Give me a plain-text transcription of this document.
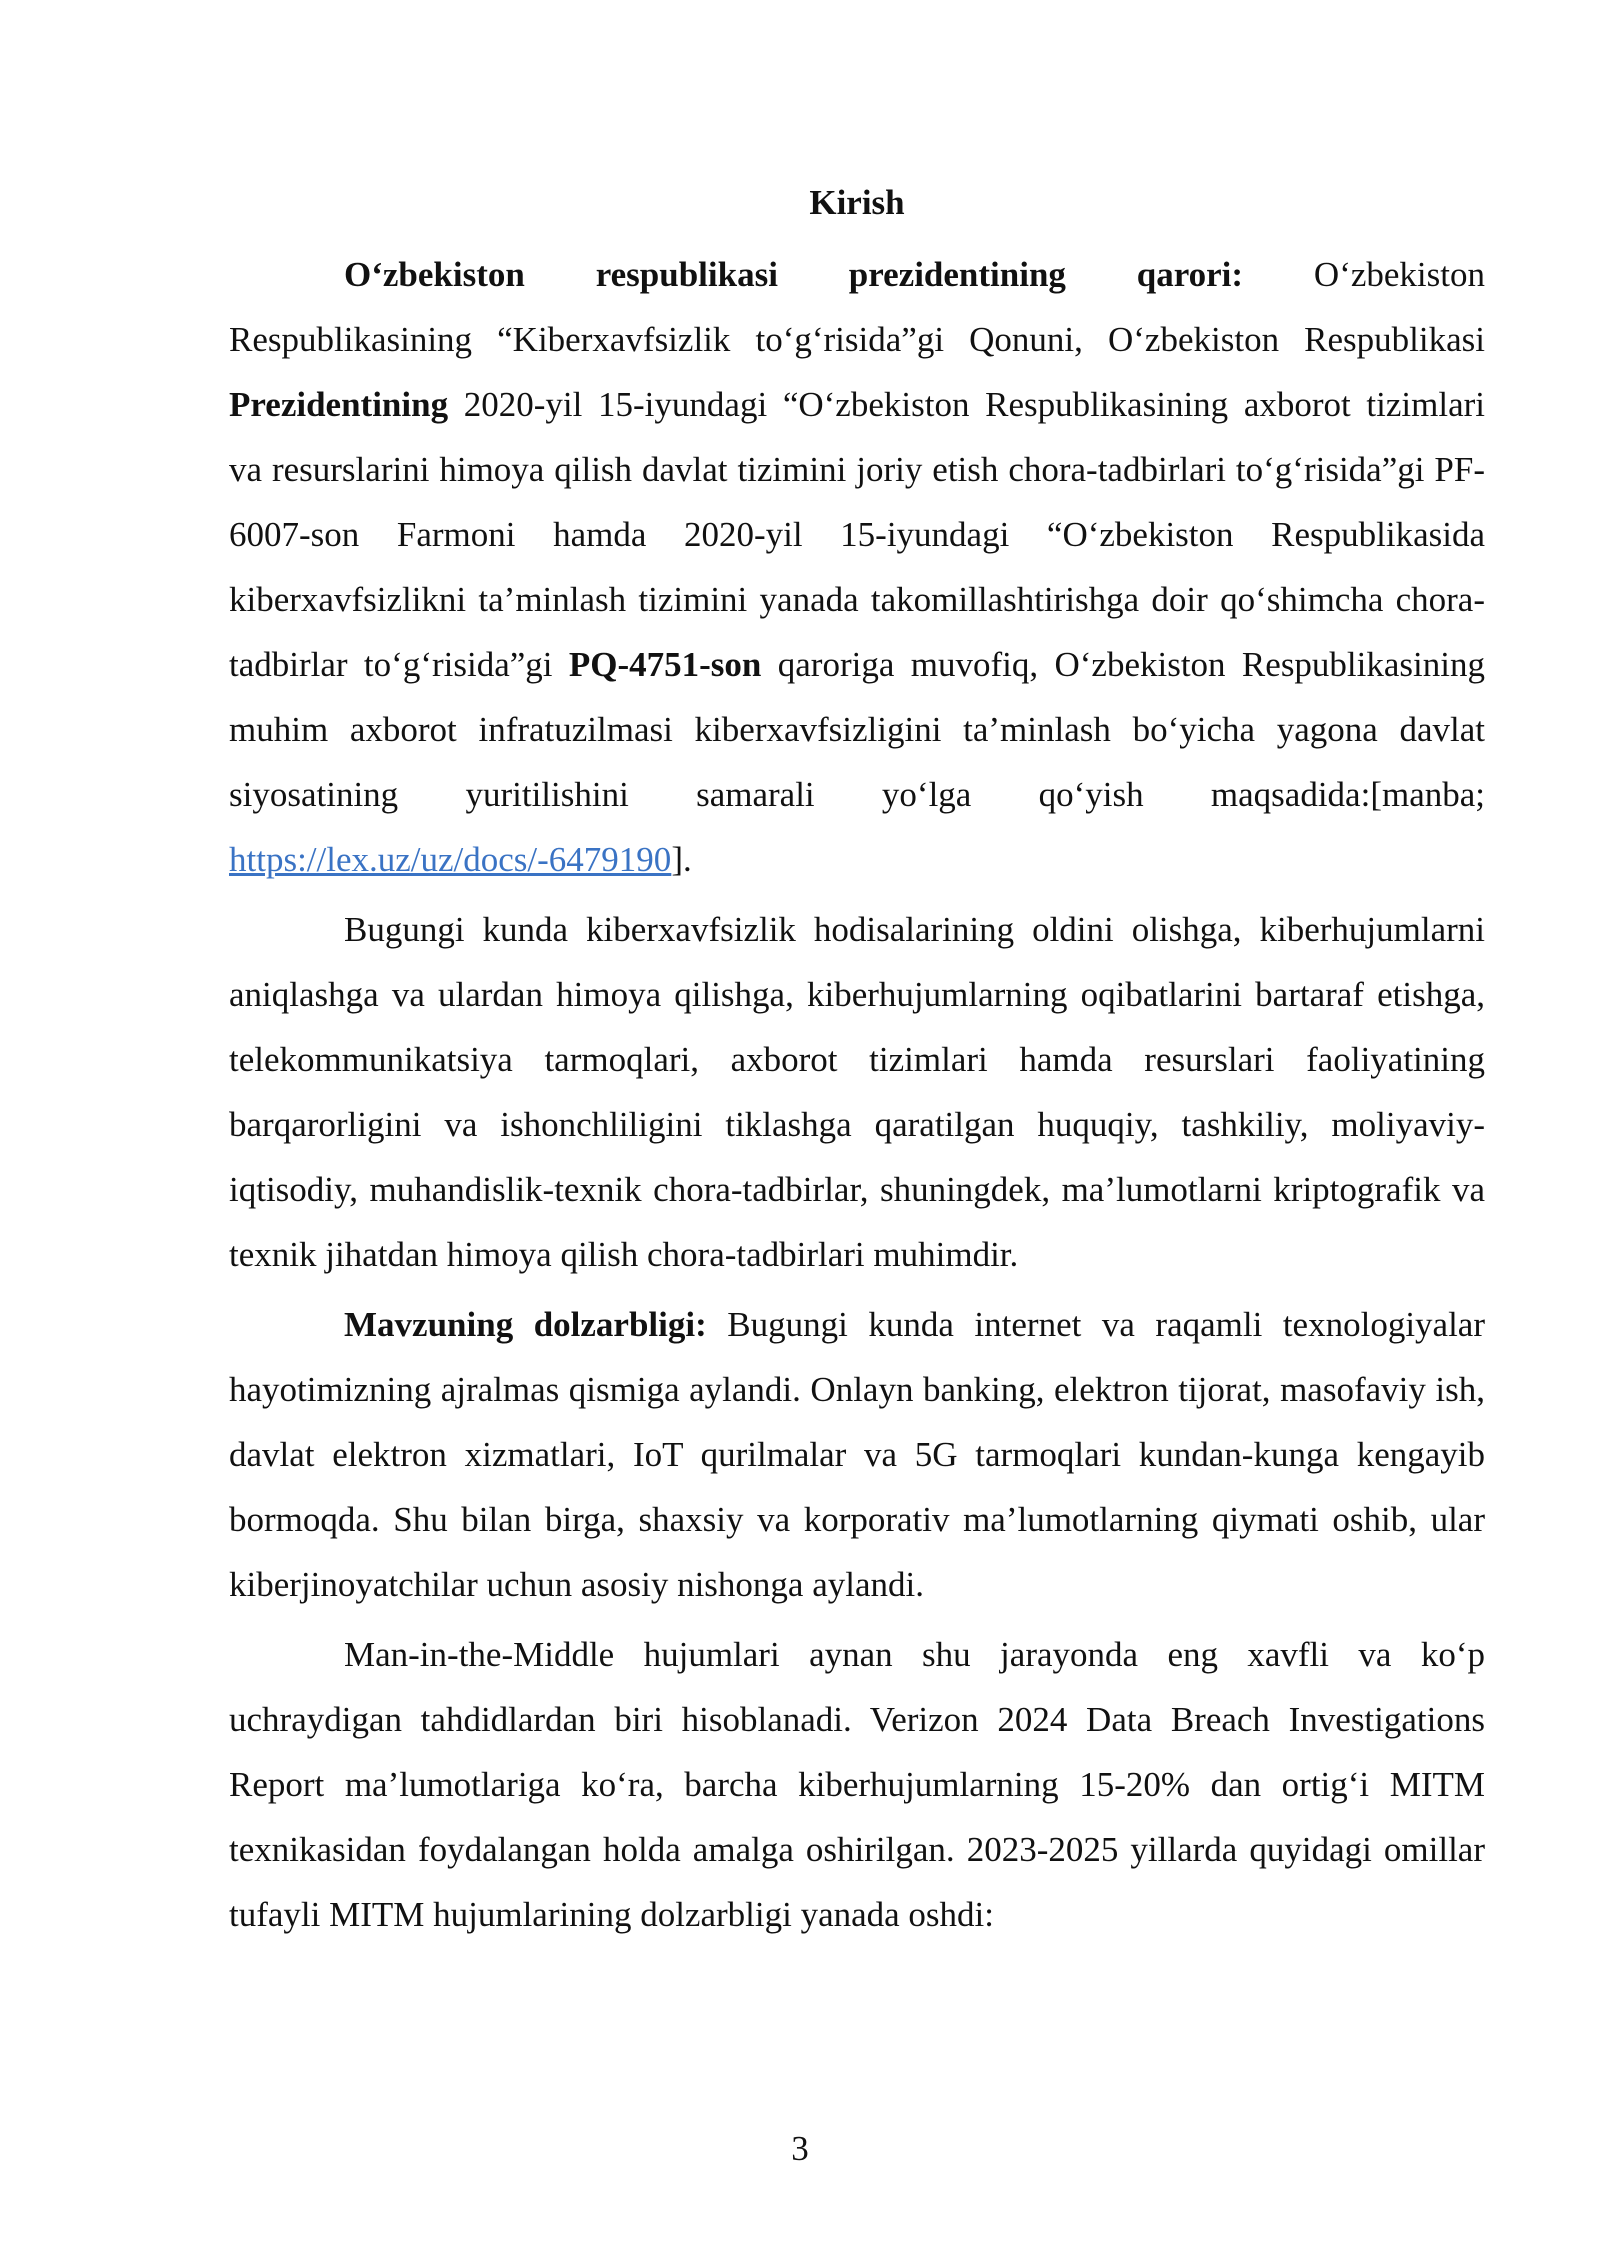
Kirish

O‘zbekiston respublikasi prezidentining qarori: O‘zbekiston Respublikasining “Kiberxavfsizlik to‘g‘risida”gi Qonuni, O‘zbekiston Respublikasi Prezidentining 2020-yil 15-iyundagi “O‘zbekiston Respublikasining axborot tizimlari va resurslarini himoya qilish davlat tizimini joriy etish chora-tadbirlari to‘g‘risida”gi PF-6007-son Farmoni hamda 2020-yil 15-iyundagi “O‘zbekiston Respublikasida kiberxavfsizlikni ta’minlash tizimini yanada takomillashtirishga doir qo‘shimcha chora-tadbirlar to‘g‘risida”gi PQ-4751-son qaroriga muvofiq, O‘zbekiston Respublikasining muhim axborot infratuzilmasi kiberxavfsizligini ta’minlash bo‘yicha yagona davlat siyosatining yuritilishini samarali yo‘lga qo‘yish maqsadida:[manba; https://lex.uz/uz/docs/-6479190].

Bugungi kunda kiberxavfsizlik hodisalarining oldini olishga, kiberhujumlarni aniqlashga va ulardan himoya qilishga, kiberhujumlarning oqibatlarini bartaraf etishga, telekommunikatsiya tarmoqlari, axborot tizimlari hamda resurslari faoliyatining barqarorligini va ishonchliligini tiklashga qaratilgan huquqiy, tashkiliy, moliyaviy-iqtisodiy, muhandislik-texnik chora-tadbirlar, shuningdek, ma’lumotlarni kriptografik va texnik jihatdan himoya qilish chora-tadbirlari muhimdir.

Mavzuning dolzarbligi: Bugungi kunda internet va raqamli texnologiyalar hayotimizning ajralmas qismiga aylandi. Onlayn banking, elektron tijorat, masofaviy ish, davlat elektron xizmatlari, IoT qurilmalar va 5G tarmoqlari kundan-kunga kengayib bormoqda. Shu bilan birga, shaxsiy va korporativ ma’lumotlarning qiymati oshib, ular kiberjinoyatchilar uchun asosiy nishonga aylandi.

Man-in-the-Middle hujumlari aynan shu jarayonda eng xavfli va ko‘p uchraydigan tahdidlardan biri hisoblanadi. Verizon 2024 Data Breach Investigations Report ma’lumotlariga ko‘ra, barcha kiberhujumlarning 15-20% dan ortig‘i MITM texnikasidan foydalangan holda amalga oshirilgan. 2023-2025 yillarda quyidagi omillar tufayli MITM hujumlarining dolzarbligi yanada oshdi:

3
